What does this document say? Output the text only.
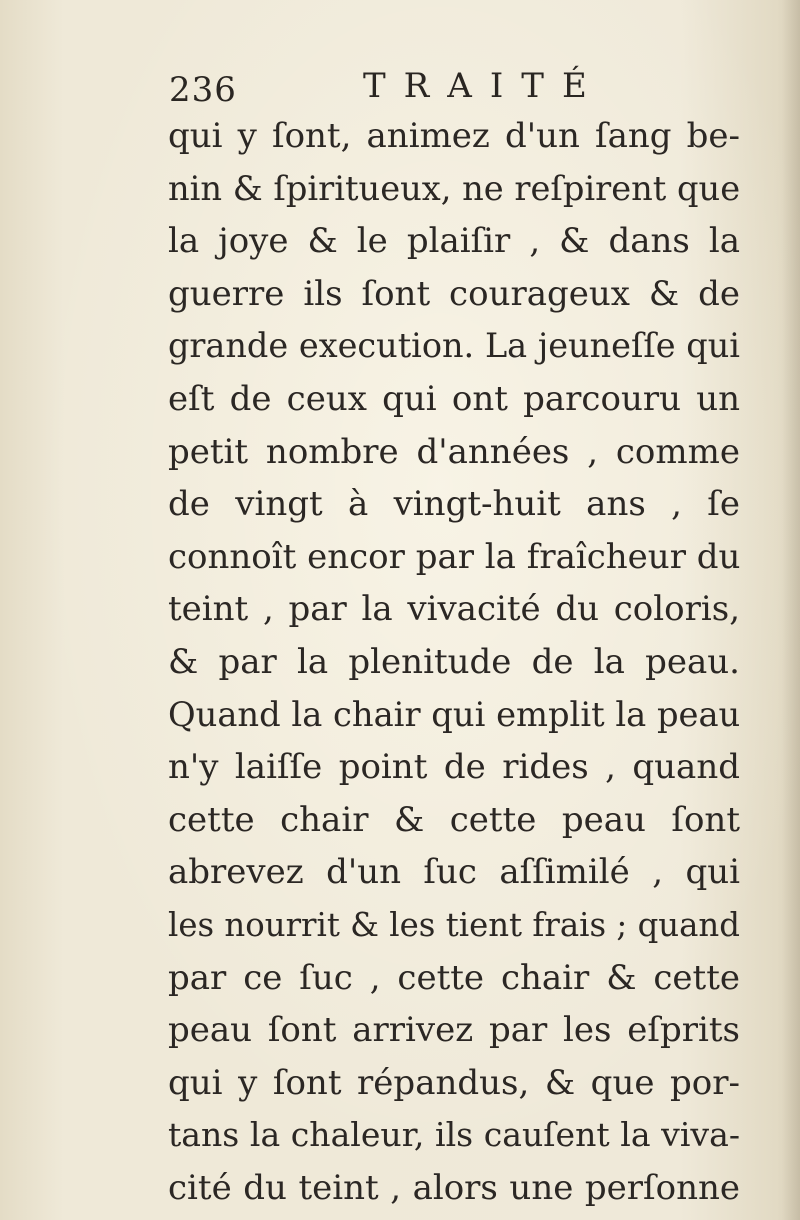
236	TRAITÉ
qui y ſont, animez d'un ſang be-
nin & ſpiritueux, ne reſpirent que
la joye & le plaiſir , & dans la
guerre ils ſont courageux & de
grande execution. La jeuneſſe qui
eſt de ceux qui ont parcouru un
petit nombre d'années , comme
de vingt à vingt-huit ans , ſe
connoît encor par la fraîcheur du
teint , par la vivacité du coloris,
& par la plenitude de la peau.
Quand la chair qui emplit la peau
n'y laiſſe point de rides , quand
cette chair & cette peau ſont
abrevez d'un ſuc aſſimilé , qui
les nourrit & les tient frais ; quand
par ce ſuc , cette chair & cette
peau ſont arrivez par les eſprits
qui y ſont répandus, & que por-
tans la chaleur, ils cauſent la viva-
cité du teint , alors une perſonne
